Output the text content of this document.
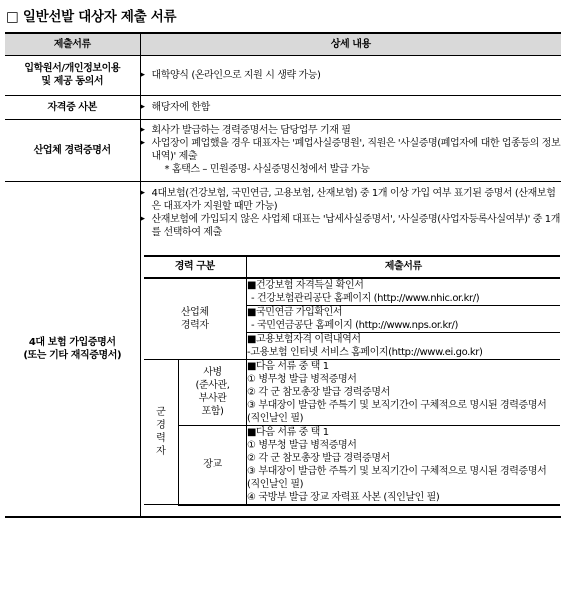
□ 일반선발 대상자 제출 서류
제출서류	상세 내용
입학원서/개인정보이용
및 제공 동의서	
▸ 대학양식 (온라인으로 지원 시 생략 가능)

자격증 사본	
▸해당자에 한함

산업체 경력증명서	
▸ 회사가 발급하는 경력증명서는 담당업무 기재 필
▸ 사업장이 폐업했을 경우 대표자는 '폐업사실증명원', 직원은 '사실증명(폐업자에 대한 업종등의 정보내역)' 제출
* 홈택스 – 민원증명- 사실증명신청에서 발급 가능

4대 보험 가입증명서
(또는 기타 재직증명서)	
▸ 4대보험(건강보험, 국민연금, 고용보험, 산재보험) 중 1개 이상 가입 여부 표기된 증명서 (산재보험은 대표자가 지원할 때만 가능)
▸ 산재보험에 가입되지 않은 사업체 대표는 '납세사실증명서', '사실증명(사업자등록사실여부)' 중 1개를 선택하여 제출
경력 구분	제출서류
산업체
경력자	
■건강보험 자격득실 확인서
- 건강보험관리공단 홈페이지 (http://www.nhic.or.kr/)

■국민연금 가입확인서
- 국민연금공단 홈페이지 (http://www.nps.or.kr/)

■고용보험자격 이력내역서
-고용보험 인터넷 서비스 홈페이지(http://www.ei.go.kr)

군
경
력
자	사병
(준사관,
부사관
포함)	
■다음 서류 중 택 1
① 병무청 발급 병적증명서
② 각 군 참모총장 발급 경력증명서
③ 부대장이 발급한 주특기 및 보직기간이 구체적으로 명시된 경력증명서 (직인날인 필)

장교	
■다음 서류 중 택 1
① 병무청 발급 병적증명서
② 각 군 참모총장 발급 경력증명서
③ 부대장이 발급한 주특기 및 보직기간이 구체적으로 명시된 경력증명서 (직인날인 필)
④ 국방부 발급 장교 자력표 사본 (직인날인 필)
